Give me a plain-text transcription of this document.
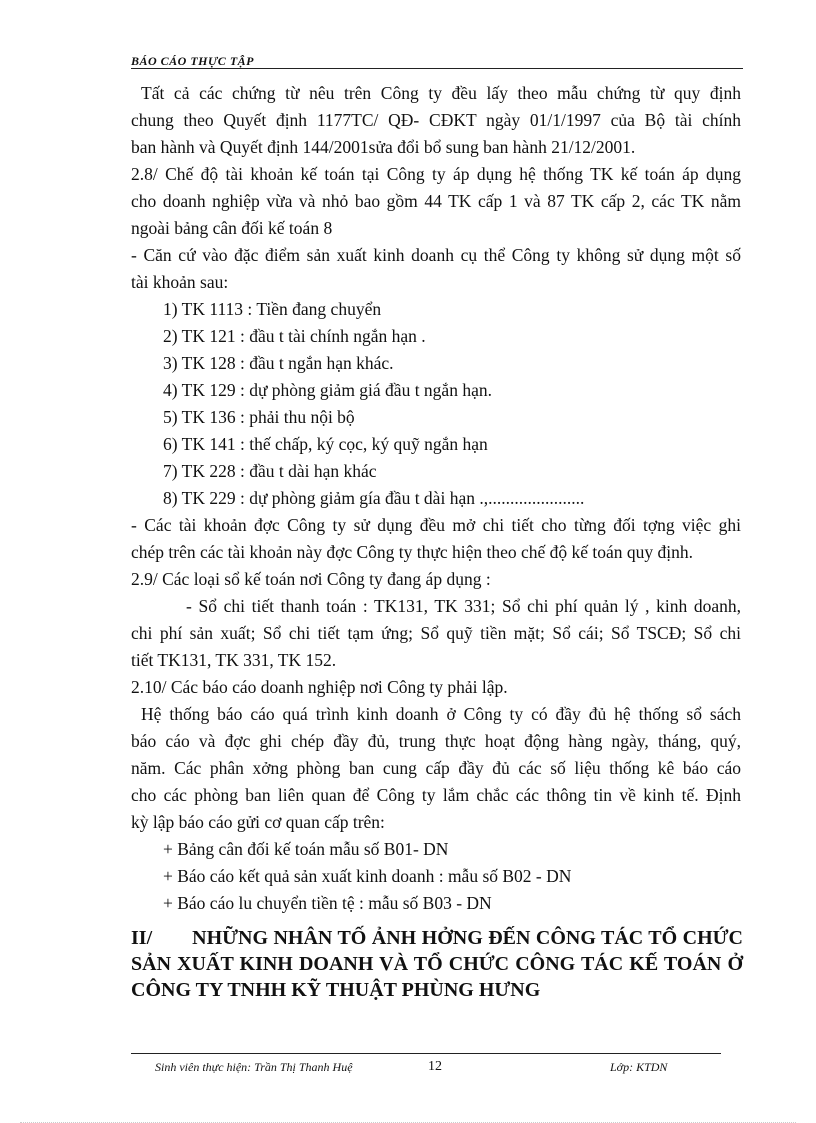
BÁO CÁO THỰC TẬP

Tất cả các chứng từ nêu trên Công ty đều lấy theo mẫu chứng từ quy định

chung theo Quyết định 1177TC/ QĐ- CĐKT ngày 01/1/1997 của Bộ tài chính

ban hành và Quyết định 144/2001sửa đổi bổ sung ban hành 21/12/2001.

2.8/ Chế độ tài khoản kế toán tại Công ty áp dụng hệ thống TK kế toán áp dụng

cho doanh nghiệp vừa và nhỏ bao gồm 44 TK cấp 1 và 87 TK cấp 2, các TK nằm

ngoài bảng cân đối kế toán 8

- Căn cứ vào đặc điểm sản xuất kinh doanh cụ thể Công ty không sử dụng một số

tài khoản sau:

1) TK 1113 : Tiền đang chuyển

2) TK 121 : đầu t tài chính ngắn hạn .

3) TK 128 : đầu t ngắn hạn khác.

4) TK 129 : dự phòng giảm giá đầu t ngắn hạn.

5) TK 136 : phải thu nội bộ

6) TK 141 : thế chấp, ký cọc, ký quỹ ngắn hạn

7) TK 228 : đầu t dài hạn khác

8) TK 229 : dự phòng giảm gía đầu t dài hạn .,......................

- Các tài khoản đợc Công ty sử dụng đều mở chi tiết cho từng đối tợng việc ghi

chép trên các tài khoản này đợc Công ty thực hiện theo chế độ kế toán quy định.

2.9/ Các loại sổ kế toán nơi Công ty đang áp dụng :

- Sổ chi tiết thanh toán : TK131, TK 331; Sổ chi phí quản lý , kinh doanh,

chi phí sản xuất; Sổ chi tiết tạm ứng; Sổ quỹ tiền mặt; Sổ cái; Sổ TSCĐ; Sổ chi

tiết TK131, TK 331, TK 152.

2.10/ Các báo cáo doanh nghiệp nơi Công ty phải lập.

Hệ thống báo cáo quá trình kinh doanh ở Công ty có đầy đủ hệ thống sổ sách

báo cáo và đợc ghi chép đầy đủ, trung thực hoạt động hàng ngày, tháng, quý,

năm. Các phân xởng phòng ban cung cấp đầy đủ các số liệu thống kê báo cáo

cho các phòng ban liên quan để Công ty lắm chắc các thông tin về kinh tế. Định

kỳ lập báo cáo gửi cơ quan cấp trên:

+ Bảng cân đối kế toán mẫu số B01- DN

+ Báo cáo kết quả sản xuất kinh doanh : mẫu số B02 - DN

+ Báo cáo lu chuyển tiền tệ : mẫu số B03 - DN

II/ NHỮNG NHÂN TỐ ẢNH HỞNG ĐẾN CÔNG TÁC TỔ CHỨC
SẢN XUẤT KINH DOANH VÀ TỔ CHỨC CÔNG TÁC KẾ TOÁN Ở
CÔNG TY TNHH KỸ THUẬT PHÙNG HƯNG
Sinh viên thực hiện: Trần Thị Thanh Huệ	12	Lớp: KTDN
